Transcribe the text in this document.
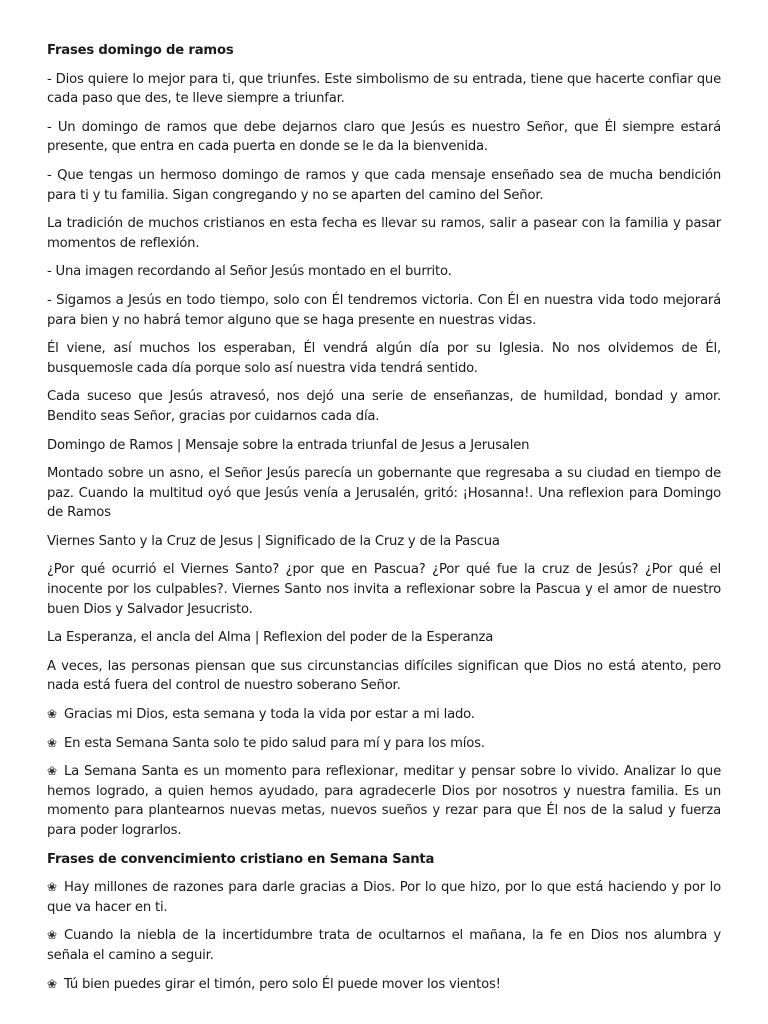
Frases domingo de ramos

- Dios quiere lo mejor para ti, que triunfes. Este simbolismo de su entrada, tiene que hacerte confiar que cada paso que des, te lleve siempre a triunfar.

- Un domingo de ramos que debe dejarnos claro que Jesús es nuestro Señor, que Él siempre estará presente, que entra en cada puerta en donde se le da la bienvenida.

- Que tengas un hermoso domingo de ramos y que cada mensaje enseñado sea de mucha bendición para ti y tu familia. Sigan congregando y no se aparten del camino del Señor.

La tradición de muchos cristianos en esta fecha es llevar su ramos, salir a pasear con la familia y pasar momentos de reflexión.

- Una imagen recordando al Señor Jesús montado en el burrito.

- Sigamos a Jesús en todo tiempo, solo con Él tendremos victoria. Con Él en nuestra vida todo mejorará para bien y no habrá temor alguno que se haga presente en nuestras vidas.

Él viene, así muchos los esperaban, Él vendrá algún día por su Iglesia. No nos olvidemos de Él, busquemosle cada día porque solo así nuestra vida tendrá sentido.

Cada suceso que Jesús atravesó, nos dejó una serie de enseñanzas, de humildad, bondad y amor. Bendito seas Señor, gracias por cuidarnos cada día.

Domingo de Ramos | Mensaje sobre la entrada triunfal de Jesus a Jerusalen

Montado sobre un asno, el Señor Jesús parecía un gobernante que regresaba a su ciudad en tiempo de paz. Cuando la multitud oyó que Jesús venía a Jerusalén, gritó: ¡Hosanna!. Una reflexion para Domingo de Ramos

Viernes Santo y la Cruz de Jesus | Significado de la Cruz y de la Pascua

¿Por qué ocurrió el Viernes Santo? ¿por que en Pascua? ¿Por qué fue la cruz de Jesús? ¿Por qué el inocente por los culpables?. Viernes Santo nos invita a reflexionar sobre la Pascua y el amor de nuestro buen Dios y Salvador Jesucristo.

La Esperanza, el ancla del Alma | Reflexion del poder de la Esperanza

A veces, las personas piensan que sus circunstancias difíciles significan que Dios no está atento, pero nada está fuera del control de nuestro soberano Señor.

❀ Gracias mi Dios, esta semana y toda la vida por estar a mi lado.

❀ En esta Semana Santa solo te pido salud para mí y para los míos.

❀ La Semana Santa es un momento para reflexionar, meditar y pensar sobre lo vivido. Analizar lo que hemos logrado, a quien hemos ayudado, para agradecerle Dios por nosotros y nuestra familia. Es un momento para plantearnos nuevas metas, nuevos sueños y rezar para que Él nos de la salud y fuerza para poder lograrlos.

Frases de convencimiento cristiano en Semana Santa

❀ Hay millones de razones para darle gracias a Dios. Por lo que hizo, por lo que está haciendo y por lo que va hacer en ti.

❀ Cuando la niebla de la incertidumbre trata de ocultarnos el mañana, la fe en Dios nos alumbra y señala el camino a seguir.

❀ Tú bien puedes girar el timón, pero solo Él puede mover los vientos!
